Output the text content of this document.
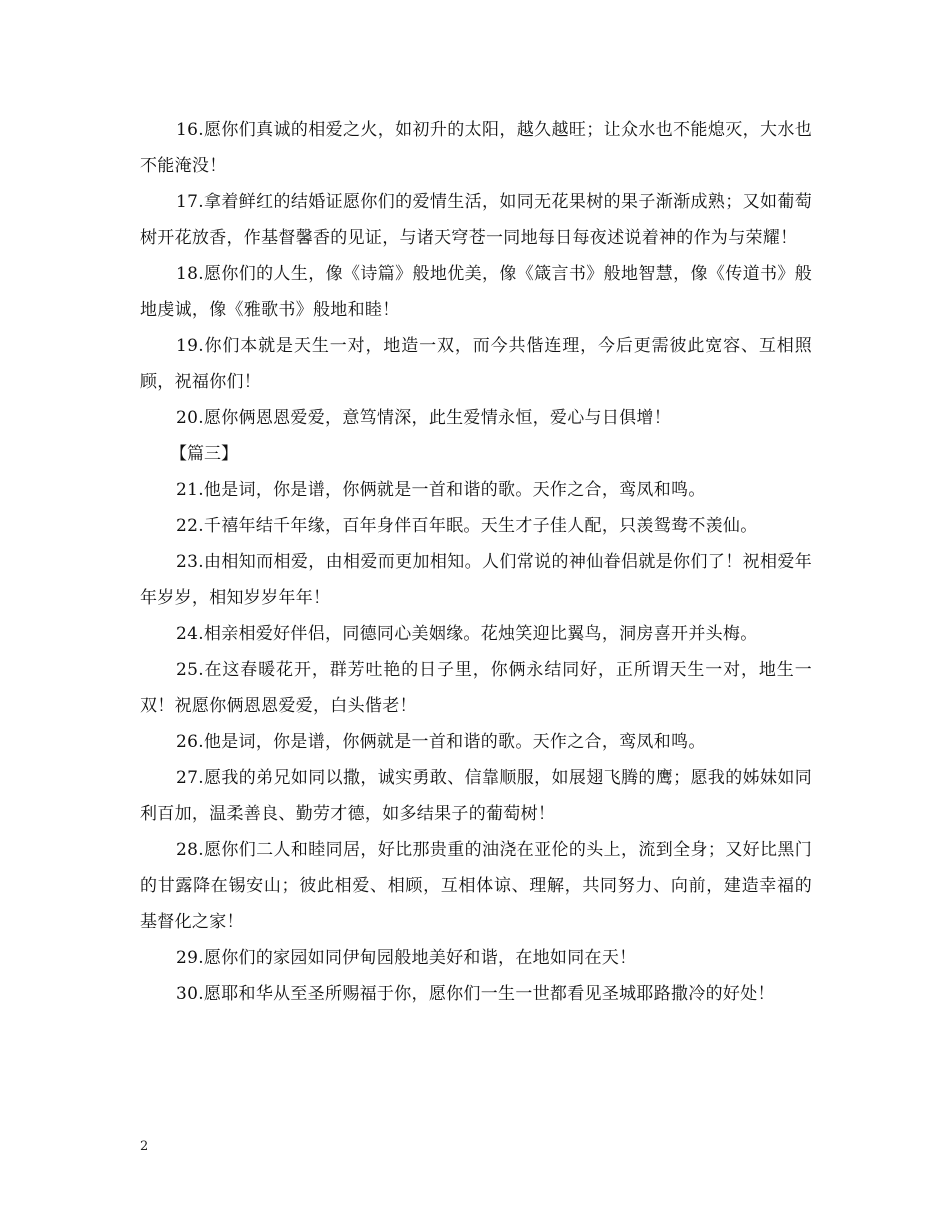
16.愿你们真诚的相爱之火，如初升的太阳，越久越旺；让众水也不能熄灭，大水也不能淹没！

17.拿着鲜红的结婚证愿你们的爱情生活，如同无花果树的果子渐渐成熟；又如葡萄树开花放香，作基督馨香的见证，与诸天穹苍一同地每日每夜述说着神的作为与荣耀！

18.愿你们的人生，像《诗篇》般地优美，像《箴言书》般地智慧，像《传道书》般地虔诚，像《雅歌书》般地和睦！

19.你们本就是天生一对，地造一双，而今共偕连理，今后更需彼此宽容、互相照顾，祝福你们！

20.愿你俩恩恩爱爱，意笃情深，此生爱情永恒，爱心与日俱增！

【篇三】

21.他是词，你是谱，你俩就是一首和谐的歌。天作之合，鸾凤和鸣。

22.千禧年结千年缘，百年身伴百年眠。天生才子佳人配，只羡鸳鸯不羡仙。

23.由相知而相爱，由相爱而更加相知。人们常说的神仙眷侣就是你们了！祝相爱年年岁岁，相知岁岁年年！

24.相亲相爱好伴侣，同德同心美姻缘。花烛笑迎比翼鸟，洞房喜开并头梅。

25.在这春暖花开，群芳吐艳的日子里，你俩永结同好，正所谓天生一对，地生一双！祝愿你俩恩恩爱爱，白头偕老！

26.他是词，你是谱，你俩就是一首和谐的歌。天作之合，鸾凤和鸣。

27.愿我的弟兄如同以撒，诚实勇敢、信靠顺服，如展翅飞腾的鹰；愿我的姊妹如同利百加，温柔善良、勤劳才德，如多结果子的葡萄树！

28.愿你们二人和睦同居，好比那贵重的油浇在亚伦的头上，流到全身；又好比黑门的甘露降在锡安山；彼此相爱、相顾，互相体谅、理解，共同努力、向前，建造幸福的基督化之家！

29.愿你们的家园如同伊甸园般地美好和谐，在地如同在天！

30.愿耶和华从至圣所赐福于你，愿你们一生一世都看见圣城耶路撒冷的好处！

2
